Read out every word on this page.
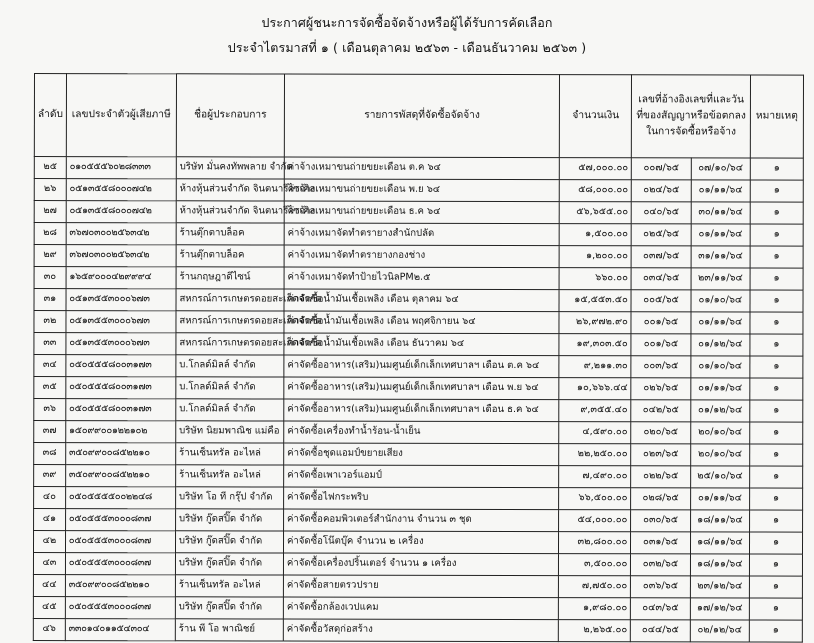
ประกาศผู้ชนะการจัดซื้อจัดจ้างหรือผู้ได้รับการคัดเลือก
ประจำไตรมาสที่ ๑ ( เดือนตุลาคม ๒๕๖๓ - เดือนธันวาคม ๒๕๖๓ )
ลำดับ	เลขประจำตัวผู้เสียภาษี	ชื่อผู้ประกอบการ	รายการพัสดุที่จัดซื้อจัดจ้าง	จำนวนเงิน	เลขที่อ้างอิงเลขที่และวันที่ของสัญญาหรือข้อตกลงในการจัดซื้อหรือจ้าง		หมายเหตุ
๒๕	๐๑๐๕๕๕๖๐๒๘๓๓๓	บริษัท มั่นคงทัพพลาย จำกัด	ค่าจ้างเหมาขนถ่ายขยะเดือน ต.ค ๖๔	๕๗,๐๐๐.๐๐	๐๐๗/๖๕	๐๗/๑๐/๖๔	๑
๒๖	๐๕๑๓๕๕๘๐๐๐๗๔๒	ห้างหุ้นส่วนจำกัด จินตนารีไซเคิล	ค่าจ้างเหมาขนถ่ายขยะเดือน พ.ย ๖๔	๕๘,๐๐๐.๐๐	๐๒๔/๖๕	๐๑/๑๑/๖๔	๑
๒๗	๐๕๑๓๕๕๘๐๐๐๗๔๒	ห้างหุ้นส่วนจำกัด จินตนารีไซเคิล	ค่าจ้างเหมาขนถ่ายขยะเดือน ธ.ค ๖๔	๕๖,๖๕๕.๐๐	๐๔๐/๖๕	๓๐/๑๑/๖๔	๑
๒๘	๓๖๗๐๓๐๐๒๕๖๓๔๒	ร้านตุ๊กตาบล็อค	ค่าจ้างเหมาจัดทำตรายางสำนักปลัด	๑,๕๐๐.๐๐	๐๒๕/๖๕	๐๑/๑๑/๖๔	๑
๒๙	๓๖๗๐๓๐๐๒๕๖๓๔๒	ร้านตุ๊กตาบล็อค	ค่าจ้างเหมาจัดทำตรายางกองช่าง	๑,๒๐๐.๐๐	๐๓๗/๖๕	๓๑/๑๑/๖๔	๑
๓๐	๑๖๕๙๐๐๐๔๒๙๙๙๔	ร้านกฤษฎาดีไซน์	ค่าจ้างเหมาจัดทำป้ายไวนิลPM๒.๕	๖๖๐.๐๐	๐๓๔/๖๕	๒๓/๑๑/๖๔	๑
๓๑	๐๕๑๓๕๕๓๐๐๐๖๗๓	สหกรณ์การเกษตรดอยสะเก็ดจำกัด	ค่าจัดซื้อน้ำมันเชื้อเพลิง เดือน ตุลาคม ๖๔	๑๕,๕๕๓.๕๐	๐๐๕/๖๕	๐๑/๑๐/๖๔	๑
๓๒	๐๕๑๓๕๕๓๐๐๐๖๗๓	สหกรณ์การเกษตรดอยสะเก็ดจำกัด	ค่าจัดซื้อน้ำมันเชื้อเพลิง เดือน พฤศจิกายน ๖๔	๒๖,๙๗๒.๙๐	๐๐๑/๖๕	๐๑/๑๑/๖๔	๑
๓๓	๐๕๑๓๕๕๓๐๐๐๖๗๓	สหกรณ์การเกษตรดอยสะเก็ดจำกัด	ค่าจัดซื้อน้ำมันเชื้อเพลิง เดือน ธันวาคม ๖๔	๑๙,๓๐๓.๕๐	๐๐๑/๖๕	๐๑/๑๒/๖๔	๑
๓๔	๐๕๐๕๕๕๘๐๐๓๑๗๓	บ.โกลด์มิลล์ จำกัด	ค่าจัดซื้ออาหาร(เสริม)นมศูนย์เด็กเล็กเทศบาลฯ เดือน ต.ค ๖๔	๙,๒๑๑.๓๐	๐๐๓/๖๕	๐๑/๑๐/๖๔	๑
๓๕	๐๕๐๕๕๕๘๐๐๓๑๗๓	บ.โกลด์มิลล์ จำกัด	ค่าจัดซื้ออาหาร(เสริม)นมศูนย์เด็กเล็กเทศบาลฯ เดือน พ.ย ๖๔	๑๐,๖๖๖.๔๔	๐๒๖/๖๕	๐๑/๑๑/๖๔	๑
๓๖	๐๕๐๕๕๕๘๐๐๓๑๗๓	บ.โกลด์มิลล์ จำกัด	ค่าจัดซื้ออาหาร(เสริม)นมศูนย์เด็กเล็กเทศบาลฯ เดือน ธ.ค ๖๔	๙,๓๕๕.๔๐	๐๔๒/๖๕	๐๑/๑๒/๖๔	๑
๓๗	๑๕๐๙๙๐๐๑๒๒๑๐๒	บริษัท นิยมพาณิช แม่คือ	ค่าจัดซื้อเครื่องทำน้ำร้อน-น้ำเย็น	๔,๕๙๐.๐๐	๐๒๐/๖๕	๒๐/๑๐/๖๔	๑
๓๘	๓๕๐๙๙๐๐๘๕๒๒๑๐	ร้านเซ็นทรัล อะไหล่	ค่าจัดซื้อชุดแอมป์ขยายเสียง	๒๒,๒๕๐.๐๐	๐๒๓/๖๕	๒๐/๑๐/๖๔	๑
๓๙	๓๕๐๙๙๐๐๘๕๒๒๑๐	ร้านเซ็นทรัล อะไหล่	ค่าจัดซื้อเพาเวอร์แอมป์	๗,๔๙๐.๐๐	๐๒๒/๖๕	๒๕/๑๐/๖๔	๑
๔๐	๐๕๐๕๕๕๕๐๐๒๒๔๘	บริษัท โอ ที กรุ๊ป จำกัด	ค่าจัดซื้อไฟกระพริบ	๖๖,๕๐๐.๐๐	๐๒๘/๖๕	๐๑/๑๑/๖๔	๑
๔๑	๐๕๐๕๕๕๓๐๐๐๘๓๗	บริษัท กู๊ดสปิ๊ด จำกัด	ค่าจัดซื้อคอมพิวเตอร์สำนักงาน จำนวน ๓ ชุด	๕๔,๐๐๐.๐๐	๐๓๐/๖๕	๑๘/๑๑/๖๔	๑
๔๒	๐๕๐๕๕๕๓๐๐๐๘๓๗	บริษัท กู๊ดสปิ๊ด จำกัด	ค่าจัดซื้อโน๊ตบุ๊ค จำนวน ๒ เครื่อง	๓๒,๘๐๐.๐๐	๐๓๑/๖๕	๑๘/๑๑/๖๔	๑
๔๓	๐๕๐๕๕๕๓๐๐๐๘๓๗	บริษัท กู๊ดสปิ๊ด จำกัด	ค่าจัดซื้อเครื่องปริ้นเตอร์ จำนวน ๑ เครื่อง	๓,๕๐๐.๐๐	๐๓๒/๖๕	๑๘/๑๑/๖๔	๑
๔๔	๓๕๐๙๙๐๐๘๕๒๒๑๐	ร้านเซ็นทรัล อะไหล่	ค่าจัดซื้อสายตรวปราย	๗,๗๕๐.๐๐	๐๓๖/๖๕	๒๓/๑๒/๖๔	๑
๔๕	๐๕๐๕๕๕๓๐๐๐๘๓๗	บริษัท กู๊ดสปิ๊ด จำกัด	ค่าจัดซื้อกล้องเวปแคม	๑,๙๘๐.๐๐	๐๔๓/๖๕	๑๗/๑๒/๖๔	๑
๔๖	๓๓๐๑๔๐๑๑๕๔๓๐๔	ร้าน พี โอ พาณิชย์	ค่าจัดซื้อวัสดุก่อสร้าง	๒,๒๖๕.๐๐	๐๔๔/๖๕	๐๒/๑๒/๖๔	๑
